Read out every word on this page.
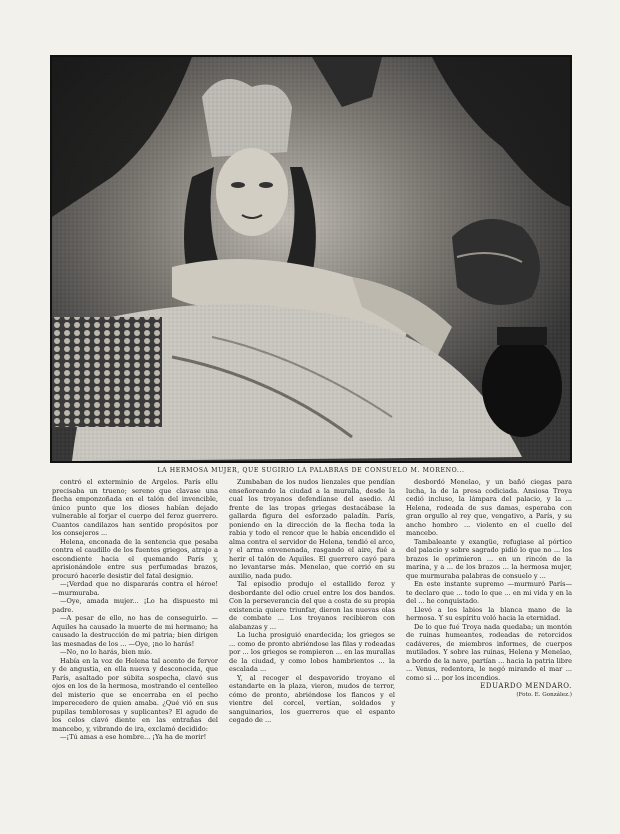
LA HERMOSA MUJER, QUE SUGIRIÓ LA PALABRAS DE CONSUELO M. MORENO...

contró el exterminio de Argelos. París ellu precisaba un trueno; sereno que clavase una flecha emponzoñada en el talón del invencible, único punto que los dioses habían dejado vulnerable al forjar el cuerpo del feroz guerrero. Cuantos candilazos han sentido propósitos por los consejeros ...

Helena, enconada de la sentencia que pesaba contra el caudillo de los fuentes griegos, atrajo a escondiente hacia el quemando París y, aprisionándole entre sus perfumadas brazos, procuró hacerle desistir del fatal designio.

—¡Verdad que no dispararás contra el héroe! —murmuraba.

—Oye, amada mujer... ¡Lo ha dispuesto mi padre.

—A pesar de ello, no has de conseguirlo. —Aquiles ha causado la muerte de mi hermano; ha causado la destrucción de mi patria; bien dirigen las mesnadas de los ... —Oye, ¡no lo harás!

—No, no lo harás, bien mío.

Había en la voz de Helena tal acento de fervor y de angustia, en ella nueva y desconocida, que París, asaltado por súbita sospecha, clavó sus ojos en los de la hermosa, mostrando el centelleo del misterio que se encerraba en el pecho imperecedero de quien amaba. ¿Qué vió en sus pupilas temblorosas y suplicantes? El agudo de los celos clavó diente en las entrañas del mancebo, y, vibrando de ira, exclamó decidido:

—¡Tú amas a ese hombre... ¡Ya ha de morir!

Zumbaban de los nudos lienzales que pendían enseñoreando la ciudad a la muralla, desde la cual los troyanos defendíanse del asedio. Al frente de las tropas griegas destacábase la gallarda figura del esforzado paladín. París, poniendo en la dirección de la flecha toda la rabia y todo el rencor que le había encendido el alma contra el servidor de Helena, tendió el arco, y el arma envenenada, rasgando el aire, fué a herir el talón de Aquiles. El guerrero cayó para no levantarse más. Menelao, que corrió en su auxilio, nada pudo.

Tal episodio produjo el estallido feroz y desbordante del odio cruel entre los dos bandos. Con la perseverancia del que a costa de su propia existencia quiere triunfar, dieron las nuevas olas de combate ... Los troyanos recibieron con alabanzas y ...

La lucha prosiguió enardecida; los griegos se ... como de pronto abriéndose las filas y rodeadas por ... los griegos se rompieron ... en las murallas de la ciudad, y como lobos hambrientos ... la escalada ...

Y, al recoger el despavorido troyano el estandarte en la plaza, vieron, mudos de terror, cómo de pronto, abriéndose los flancos y el vientre del corcel, vertían, soldados y sanguinarios, los guerreros que el espanto cegado de ...

desbordó Menelao, y un bañó ciegas para lucha, la de la presa codiciada. Ansiosa Troya cedió incluso, la lámpara del palacio, y la ... Helena, rodeada de sus damas, esperaba con gran orgullo al rey que, vengativo, a París, y su ancho hombro ... violento en el cuello del mancebo.

Tambaleante y exangüe, refugiase al pórtico del palacio y sobre sagrado pidió lo que no ... los brazos le oprimieron ... en un rincón de la marina, y a ... de los brazos ... la hermosa mujer, que murmuraba palabras de consuelo y ...

En este instante supremo —murmuró París— te declaro que ... todo lo que ... en mi vida y en la del ... he conquistado.

Llevó a los labios la blanca mano de la hermosa. Y su espíritu voló hacia la eternidad.

De lo que fué Troya nada quedaba; un montón de ruinas humeantes, rodeadas de retorcidos cadáveres, de miembros informes, de cuerpos mutilados. Y sobre las ruinas, Helena y Menelao, a bordo de la nave, partían ... hacia la patria libre ... Venus, redentora, le negó mirando el mar ... como si ... por los incendios.

EDUARDO MENDARO.

(Foto. E. González.)
